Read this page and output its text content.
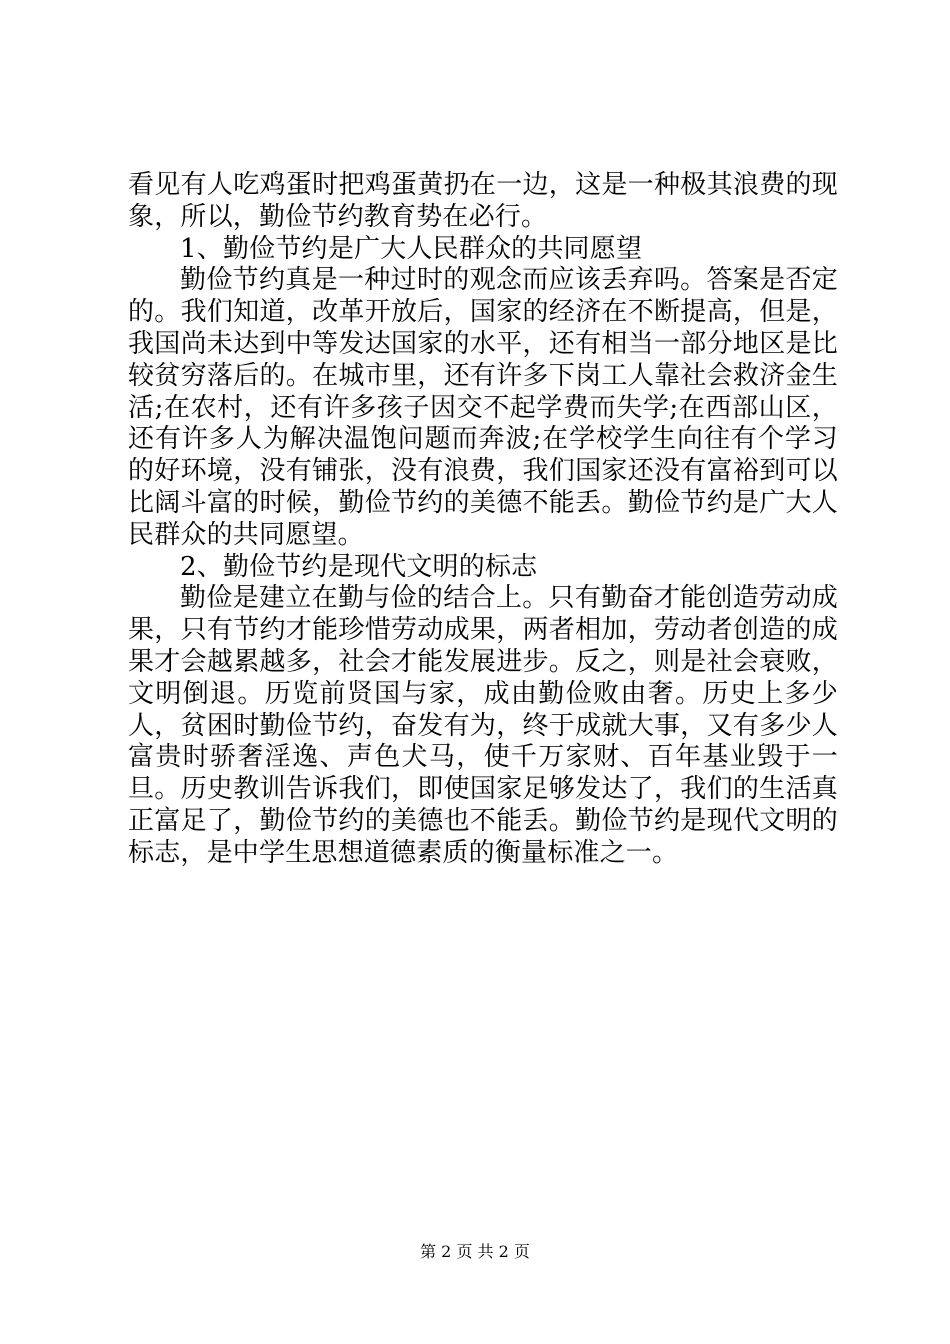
看见有人吃鸡蛋时把鸡蛋黄扔在一边，这是一种极其浪费的现象，所以，勤俭节约教育势在必行。

1、勤俭节约是广大人民群众的共同愿望

勤俭节约真是一种过时的观念而应该丢弃吗。答案是否定的。我们知道，改革开放后，国家的经济在不断提高，但是，我国尚未达到中等发达国家的水平，还有相当一部分地区是比较贫穷落后的。在城市里，还有许多下岗工人靠社会救济金生活;在农村，还有许多孩子因交不起学费而失学;在西部山区，还有许多人为解决温饱问题而奔波;在学校学生向往有个学习的好环境，没有铺张，没有浪费，我们国家还没有富裕到可以比阔斗富的时候，勤俭节约的美德不能丢。勤俭节约是广大人民群众的共同愿望。

2、勤俭节约是现代文明的标志

勤俭是建立在勤与俭的结合上。只有勤奋才能创造劳动成果，只有节约才能珍惜劳动成果，两者相加，劳动者创造的成果才会越累越多，社会才能发展进步。反之，则是社会衰败，文明倒退。历览前贤国与家，成由勤俭败由奢。历史上多少人，贫困时勤俭节约，奋发有为，终于成就大事，又有多少人富贵时骄奢淫逸、声色犬马，使千万家财、百年基业毁于一旦。历史教训告诉我们，即使国家足够发达了，我们的生活真正富足了，勤俭节约的美德也不能丢。勤俭节约是现代文明的标志，是中学生思想道德素质的衡量标准之一。

第 2 页 共 2 页
